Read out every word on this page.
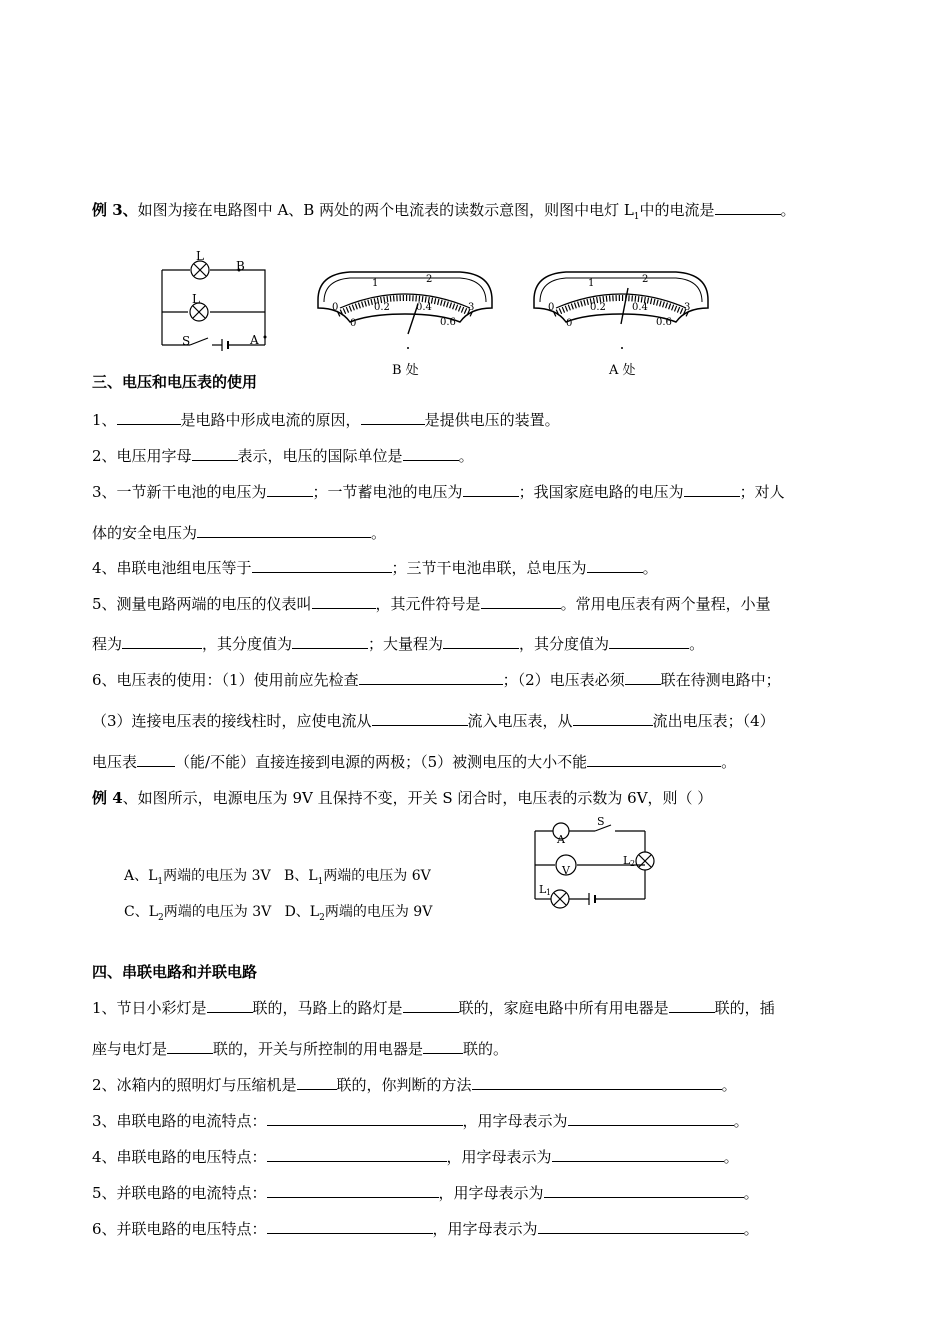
例 3、如图为接在电路图中 A、B 两处的两个电流表的读数示意图，则图中电灯 $L_1$中的电流是	。
L
B
L
S	A
1	2
0	3
0.2	0.4
0	0.6
B 处
1	2
0	3
0.2	0.4
0	0.6
A 处
三、电压和电压表的使用
1、	是电路中形成电流的原因，	是提供电压的装置。
2、电压用字母	表示，电压的国际单位是	。
3、一节新干电池的电压为	；一节蓄电池的电压为	；我国家庭电路的电压为	；对人
体的安全电压为	。
4、串联电池组电压等于	；三节干电池串联，总电压为	。
5、测量电路两端的电压的仪表叫	，其元件符号是	。常用电压表有两个量程，小量
程为	，其分度值为	；大量程为	，其分度值为	。
6、电压表的使用：（1）使用前应先检查	；（2）电压表必须 联在待测电路中；
（3）连接电压表的接线柱时，应使电流从	流入电压表，从	流出电压表；（4）
电压表	（能/不能）直接连接到电源的两极；（5）被测电压的大小不能	。
例 4、如图所示，电源电压为 9V 且保持不变，开关 S 闭合时，电压表的示数为 6V，则（ ）
A、$L_1$两端的电压为 3V B、$L_1$两端的电压为 6V
C、$L_2$两端的电压为 3V D、$L_2$两端的电压为 9V
A
S
V
L 2
L 1
四、串联电路和并联电路
1、节日小彩灯是	联的，马路上的路灯是	联的，家庭电路中所有用电器是	联的，插
座与电灯是	联的，开关与所控制的用电器是	联的。
2、冰箱内的照明灯与压缩机是	联的，你判断的方法	。
3、串联电路的电流特点：	，用字母表示为	。
4、串联电路的电压特点：	，用字母表示为	。
5、并联电路的电流特点：	，用字母表示为	。
6、并联电路的电压特点：	，用字母表示为	。
